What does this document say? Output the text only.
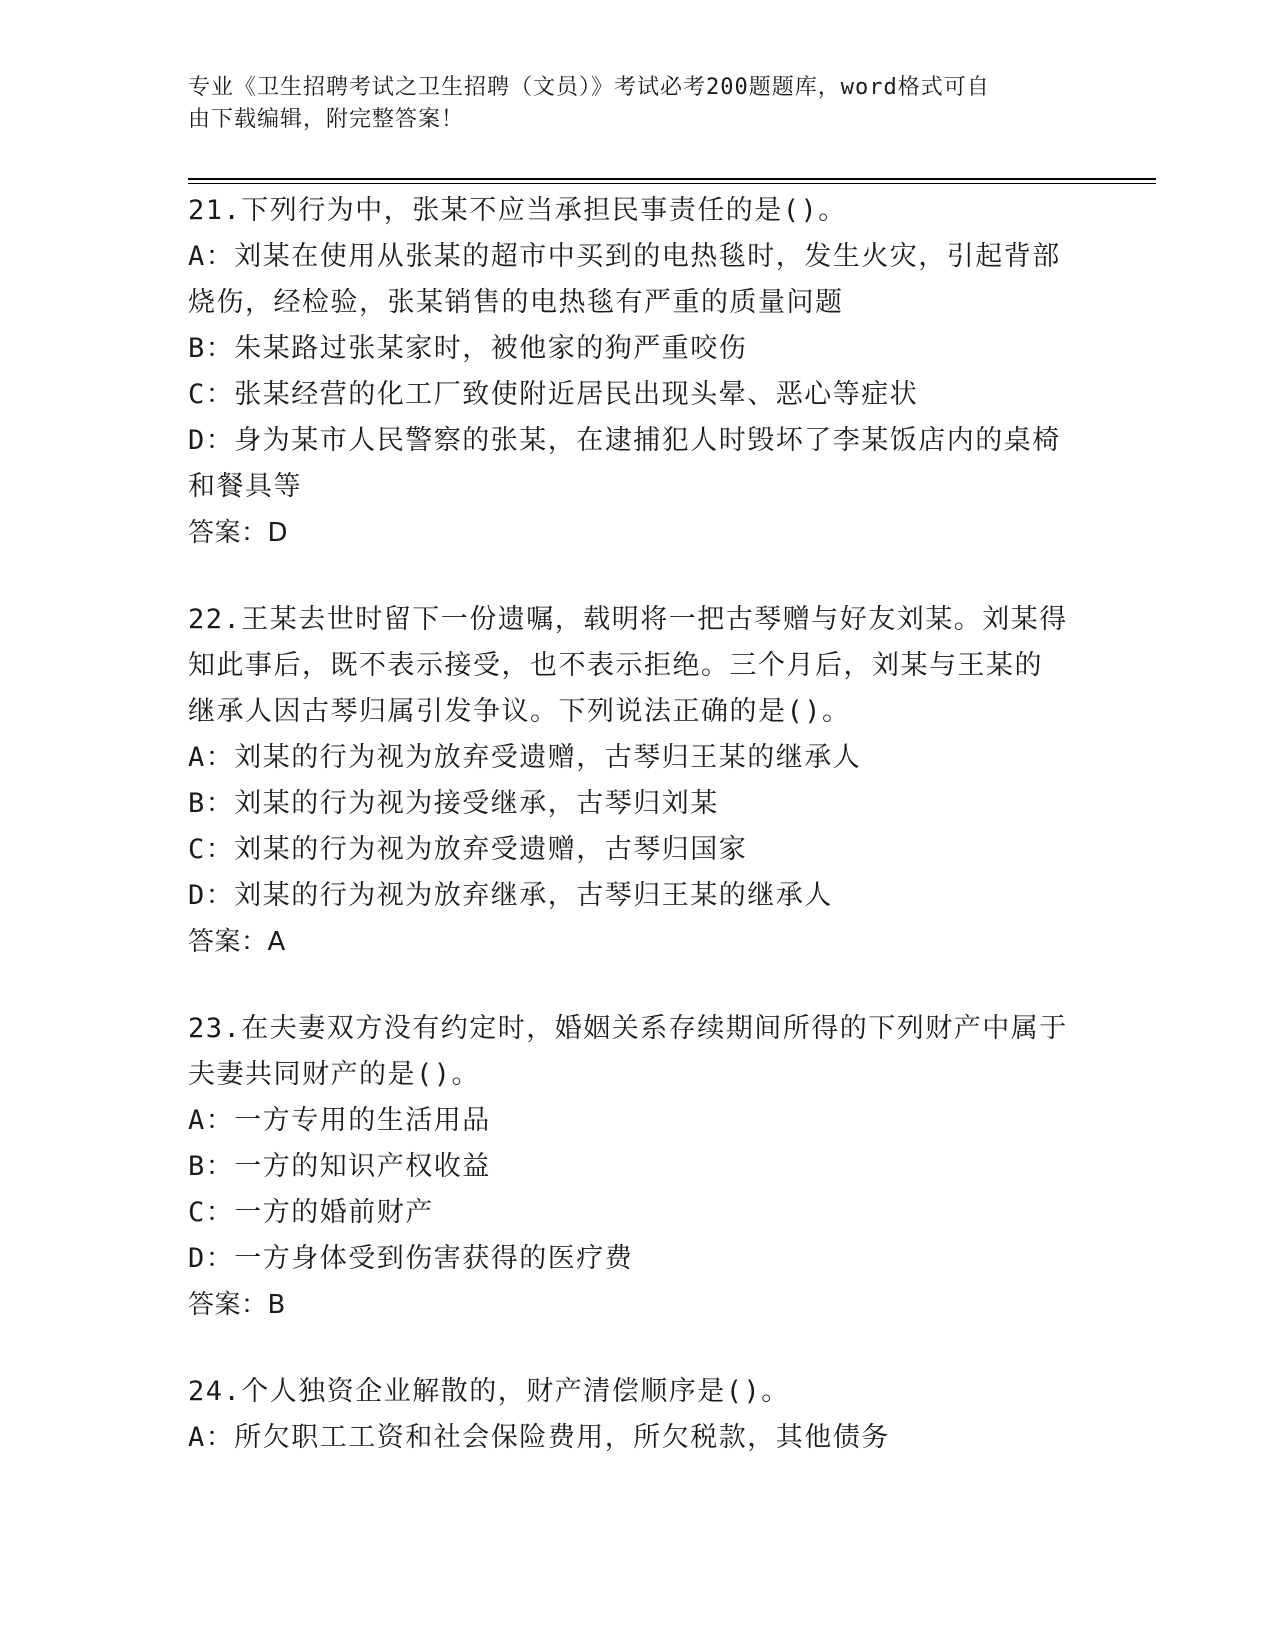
专业《卫生招聘考试之卫生招聘（文员）》考试必考200题题库，word格式可自
由下载编辑，附完整答案！
21.下列行为中，张某不应当承担民事责任的是()。
A：刘某在使用从张某的超市中买到的电热毯时，发生火灾，引起背部
烧伤，经检验，张某销售的电热毯有严重的质量问题
B：朱某路过张某家时，被他家的狗严重咬伤
C：张某经营的化工厂致使附近居民出现头晕、恶心等症状
D：身为某市人民警察的张某，在逮捕犯人时毁坏了李某饭店内的桌椅
和餐具等
答案：D
22.王某去世时留下一份遗嘱，载明将一把古琴赠与好友刘某。刘某得
知此事后，既不表示接受，也不表示拒绝。三个月后，刘某与王某的
继承人因古琴归属引发争议。下列说法正确的是()。
A：刘某的行为视为放弃受遗赠，古琴归王某的继承人
B：刘某的行为视为接受继承，古琴归刘某
C：刘某的行为视为放弃受遗赠，古琴归国家
D：刘某的行为视为放弃继承，古琴归王某的继承人
答案：A
23.在夫妻双方没有约定时，婚姻关系存续期间所得的下列财产中属于
夫妻共同财产的是()。
A：一方专用的生活用品
B：一方的知识产权收益
C：一方的婚前财产
D：一方身体受到伤害获得的医疗费
答案：B
24.个人独资企业解散的，财产清偿顺序是()。
A：所欠职工工资和社会保险费用，所欠税款，其他债务
